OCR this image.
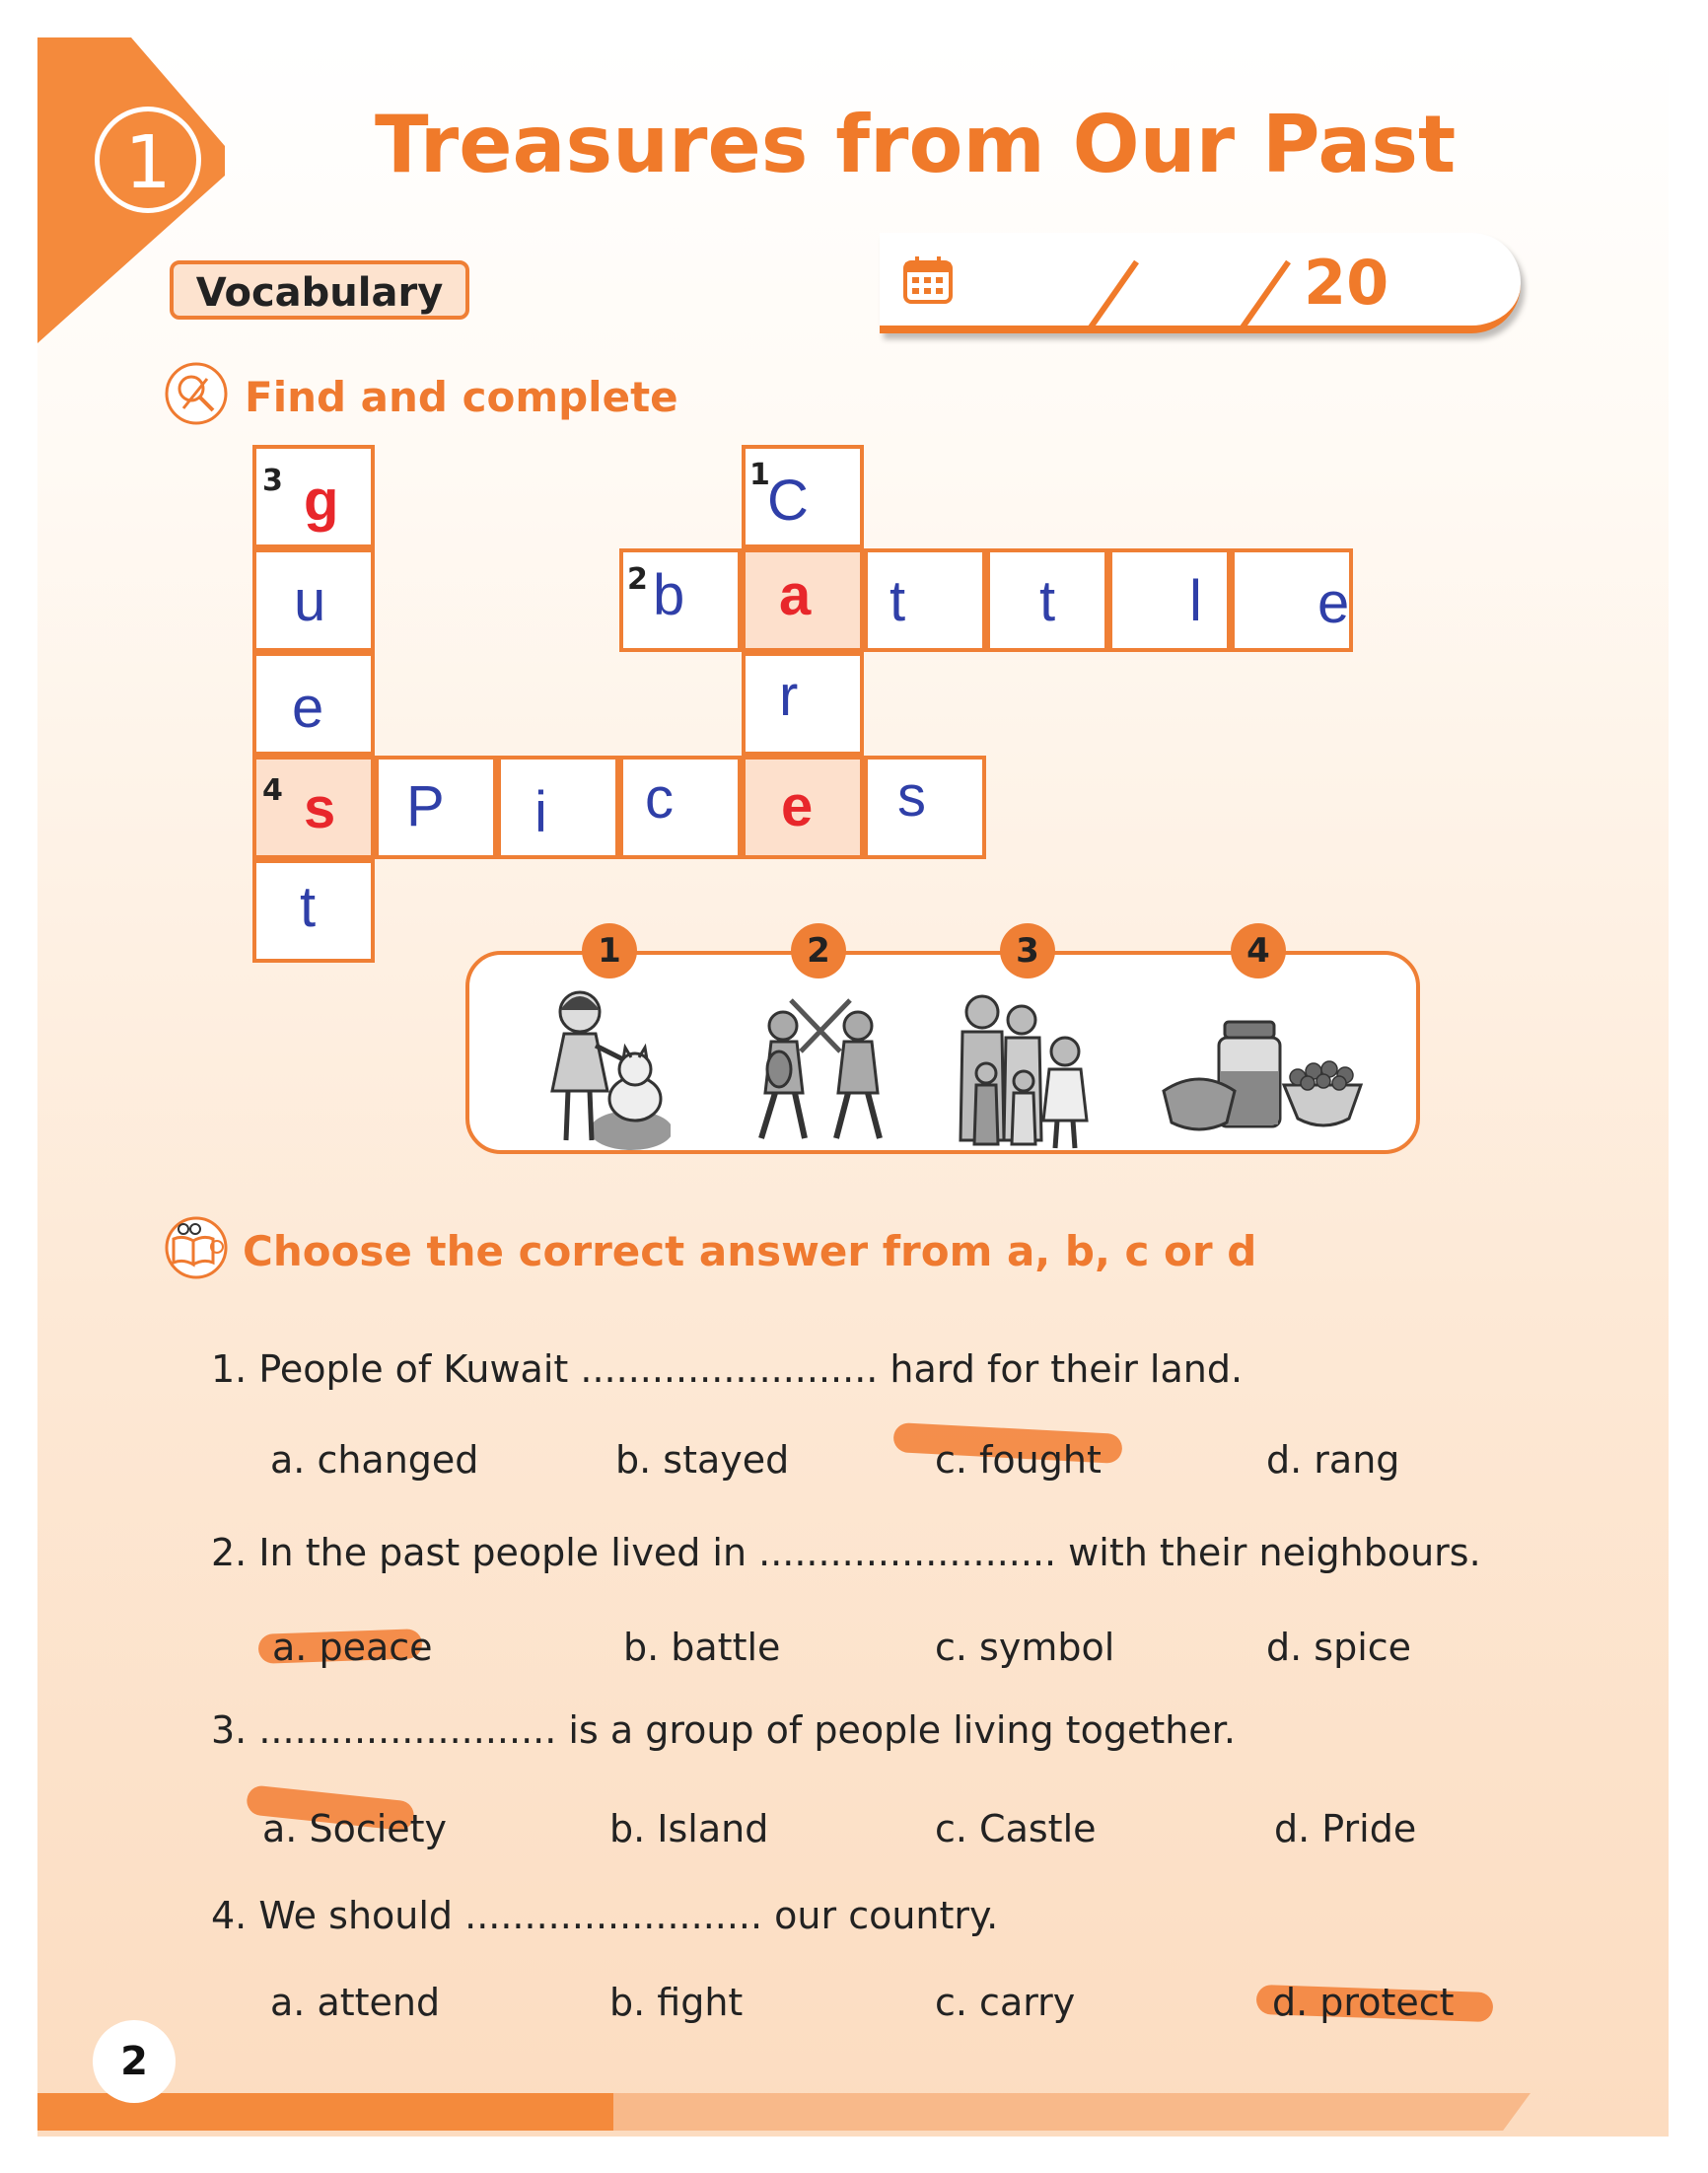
1	Treasures from Our Past
Vocabulary	20
Find and complete
3	1
2
4
g
u
e
s
t
P i c e s
C
a
r
b	t t l e
1	2	3	4
Choose the correct answer from a, b, c or d
1. People of Kuwait ......................... hard for their land.
a. changed	b. stayed	c. fought	d. rang
2. In the past people lived in ......................... with their neighbours.
a. peace	b. battle	c. symbol	d. spice
3. ......................... is a group of people living together.
a. Society	b. Island	c. Castle	d. Pride
4. We should ......................... our country.
a. attend	b. fight	c. carry	d. protect
2
